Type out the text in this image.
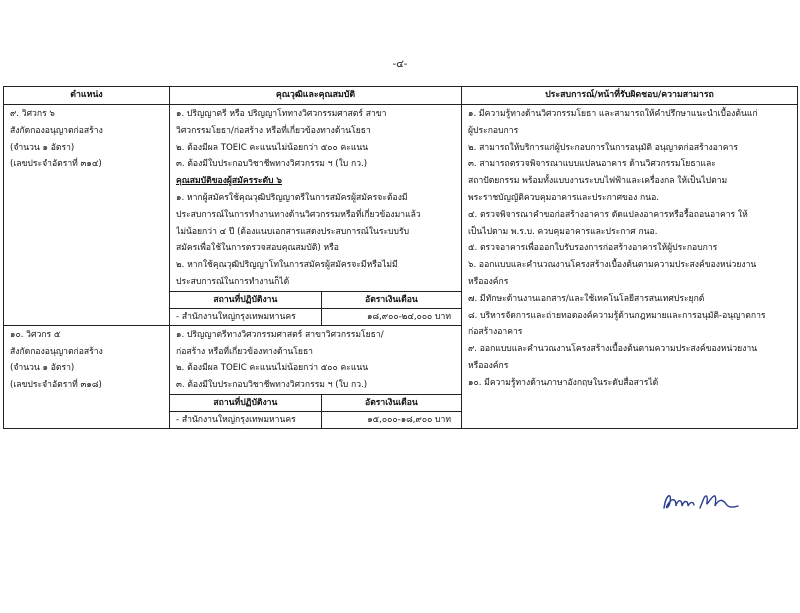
-๔-
ตำแหน่ง	คุณวุฒิและคุณสมบัติ	ประสบการณ์/หน้าที่รับผิดชอบ/ความสามารถ

๙. วิศวกร ๖
สังกัดกองอนุญาตก่อสร้าง
(จำนวน ๑ อัตรา)
(เลขประจำอัตราที่ ๓๑๔)

๑. ปริญญาตรี หรือ ปริญญาโททางวิศวกรรมศาสตร์ สาขา
วิศวกรรมโยธา/ก่อสร้าง หรือที่เกี่ยวข้องทางด้านโยธา
๒. ต้องมีผล TOEIC คะแนนไม่น้อยกว่า ๕๐๐ คะแนน
๓. ต้องมีใบประกอบวิชาชีพทางวิศวกรรม ฯ (ใบ กว.)
คุณสมบัติของผู้สมัครระดับ ๖
๑. หากผู้สมัครใช้คุณวุฒิปริญญาตรีในการสมัครผู้สมัครจะต้องมี
ประสบการณ์ในการทำงานทางด้านวิศวกรรมหรือที่เกี่ยวข้องมาแล้ว
ไม่น้อยกว่า ๔ ปี (ต้องแนบเอกสารแสดงประสบการณ์ในระบบรับ
สมัครเพื่อใช้ในการตรวจสอบคุณสมบัติ) หรือ
๒. หากใช้คุณวุฒิปริญญาโทในการสมัครผู้สมัครจะมีหรือไม่มี
ประสบการณ์ในการทำงานก็ได้
สถานที่ปฏิบัติงาน	อัตราเงินเดือน
- สำนักงานใหญ่กรุงเทพมหานคร	๑๘,๙๐๐-๒๔,๐๐๐ บาท

๑. มีความรู้ทางด้านวิศวกรรมโยธา และสามารถให้คำปรึกษาแนะนำเบื้องต้นแก่
ผู้ประกอบการ
๒. สามารถให้บริการแก่ผู้ประกอบการในการอนุมัติ อนุญาตก่อสร้างอาคาร
๓. สามารถตรวจพิจารณาแบบแปลนอาคาร ด้านวิศวกรรมโยธาและ
สถาปัตยกรรม พร้อมทั้งแบบงานระบบไฟฟ้าและเครื่องกล ให้เป็นไปตาม
พระราชบัญญัติควบคุมอาคารและประกาศของ กนอ.
๔. ตรวจพิจารณาคำขอก่อสร้างอาคาร ดัดแปลงอาคารหรือรื้อถอนอาคาร ให้
เป็นไปตาม พ.ร.บ. ควบคุมอาคารและประกาศ กนอ.
๕. ตรวจอาคารเพื่อออกใบรับรองการก่อสร้างอาคารให้ผู้ประกอบการ
๖. ออกแบบและคำนวณงานโครงสร้างเบื้องต้นตามความประสงค์ของหน่วยงาน
หรือองค์กร
๗. มีทักษะด้านงานเอกสาร/และใช้เทคโนโลยีสารสนเทศประยุกต์
๘. บริหารจัดการและถ่ายทอดองค์ความรู้ด้านกฎหมายและการอนุมัติ-อนุญาตการ
ก่อสร้างอาคาร
๙. ออกแบบและคำนวณงานโครงสร้างเบื้องต้นตามความประสงค์ของหน่วยงาน
หรือองค์กร
๑๐. มีความรู้ทางด้านภาษาอังกฤษในระดับสื่อสารได้

๑๐. วิศวกร ๕
สังกัดกองอนุญาตก่อสร้าง
(จำนวน ๑ อัตรา)
(เลขประจำอัตราที่ ๓๑๘)

๑. ปริญญาตรีทางวิศวกรรมศาสตร์ สาขาวิศวกรรมโยธา/
ก่อสร้าง หรือที่เกี่ยวข้องทางด้านโยธา
๒. ต้องมีผล TOEIC คะแนนไม่น้อยกว่า ๕๐๐ คะแนน
๓. ต้องมีใบประกอบวิชาชีพทางวิศวกรรม ฯ (ใบ กว.)
สถานที่ปฏิบัติงาน	อัตราเงินเดือน
- สำนักงานใหญ่กรุงเทพมหานคร	๑๕,๐๐๐-๑๘,๙๐๐ บาท
